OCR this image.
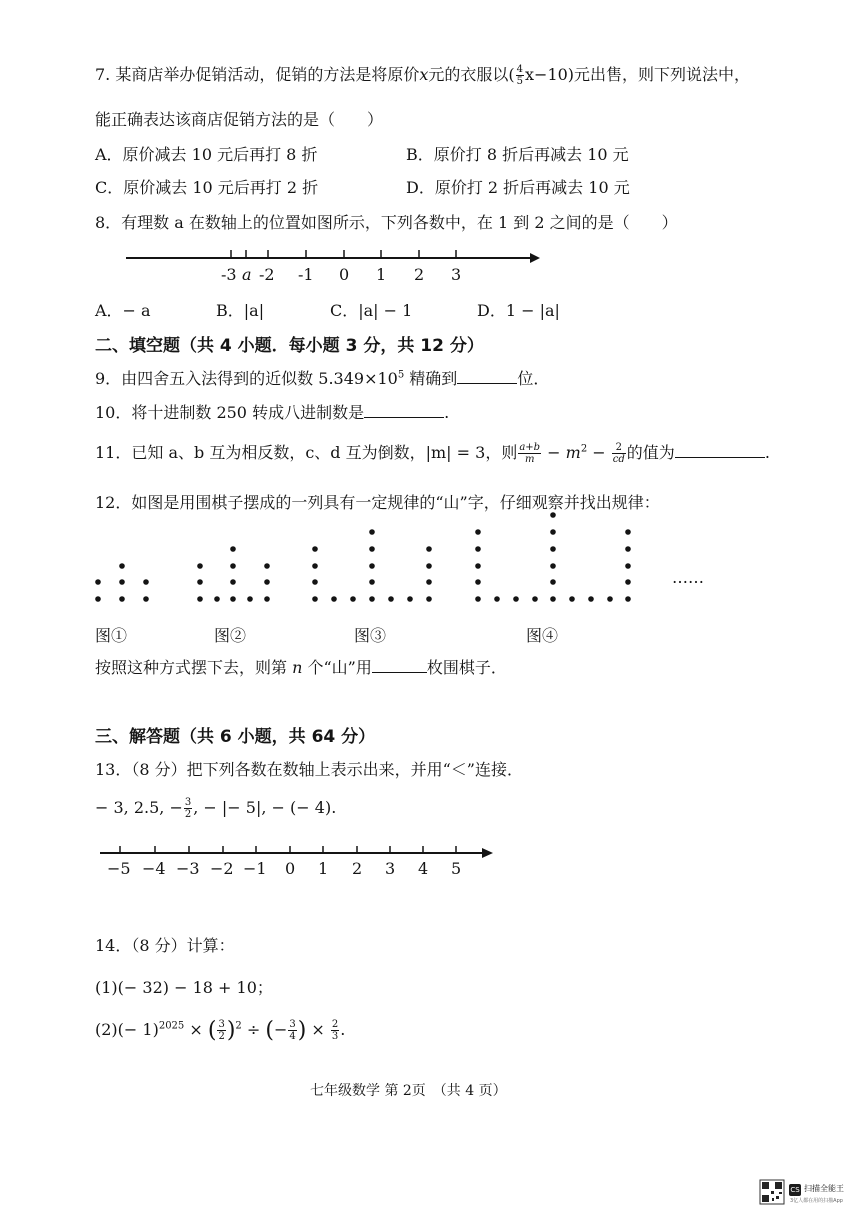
7. 某商店举办促销活动，促销的方法是将原价x元的衣服以( $\frac{4}{5} x-10$)元出售，则下列说法中，
能正确表达该商店促销方法的是（　　）
A．原价减去 10 元后再打 8 折	B．原价打 8 折后再减去 10 元
C．原价减去 10 元后再打 2 折	D．原价打 2 折后再减去 10 元
8．有理数 a 在数轴上的位置如图所示，下列各数中，在 1 到 2 之间的是（　　）
-3 a -2 -1 0 1 2 3
A．− a	B．|a|	C．|a| − 1	D．1 − |a|
二、填空题（共 4 小题．每小题 3 分，共 12 分）
9．由四舍五入法得到的近似数 $5.349\times 10^5$ 精确到	位．
10．将十进制数 250 转成八进制数是	.
11．已知 a、b 互为相反数，c、d 互为倒数，|m| = 3，则 $\frac{a+b}{m} - m^2 - \frac{2}{cd}$ 的值为	.
12．如图是用围棋子摆成的一列具有一定规律的“山”字，仔细观察并找出规律：
……
图①	图②	图③	图④
按照这种方式摆下去，则第 n 个“山”用	枚围棋子．
三、解答题（共 6 小题，共 64 分）
13．（8 分）把下列各数在数轴上表示出来，并用“＜”连接．
− 3, 2.5, − $\frac{3}{2}$ , − |− 5|, − (− 4).
−5 −4 −3 −2 −1 0 1 2 3 4 5
14．（8 分）计算：
(1)(− 32) − 18 + 10；
$(2)(- 1)^{2025}$ × ( $\frac{3}{2} )^2$ ÷ (− $\frac{3}{4}$ ) × $\frac{2}{3}$ .
七年级数学 第 2页　（共 4 页）
CS 扫描全能王
3亿人都在用的扫描App
